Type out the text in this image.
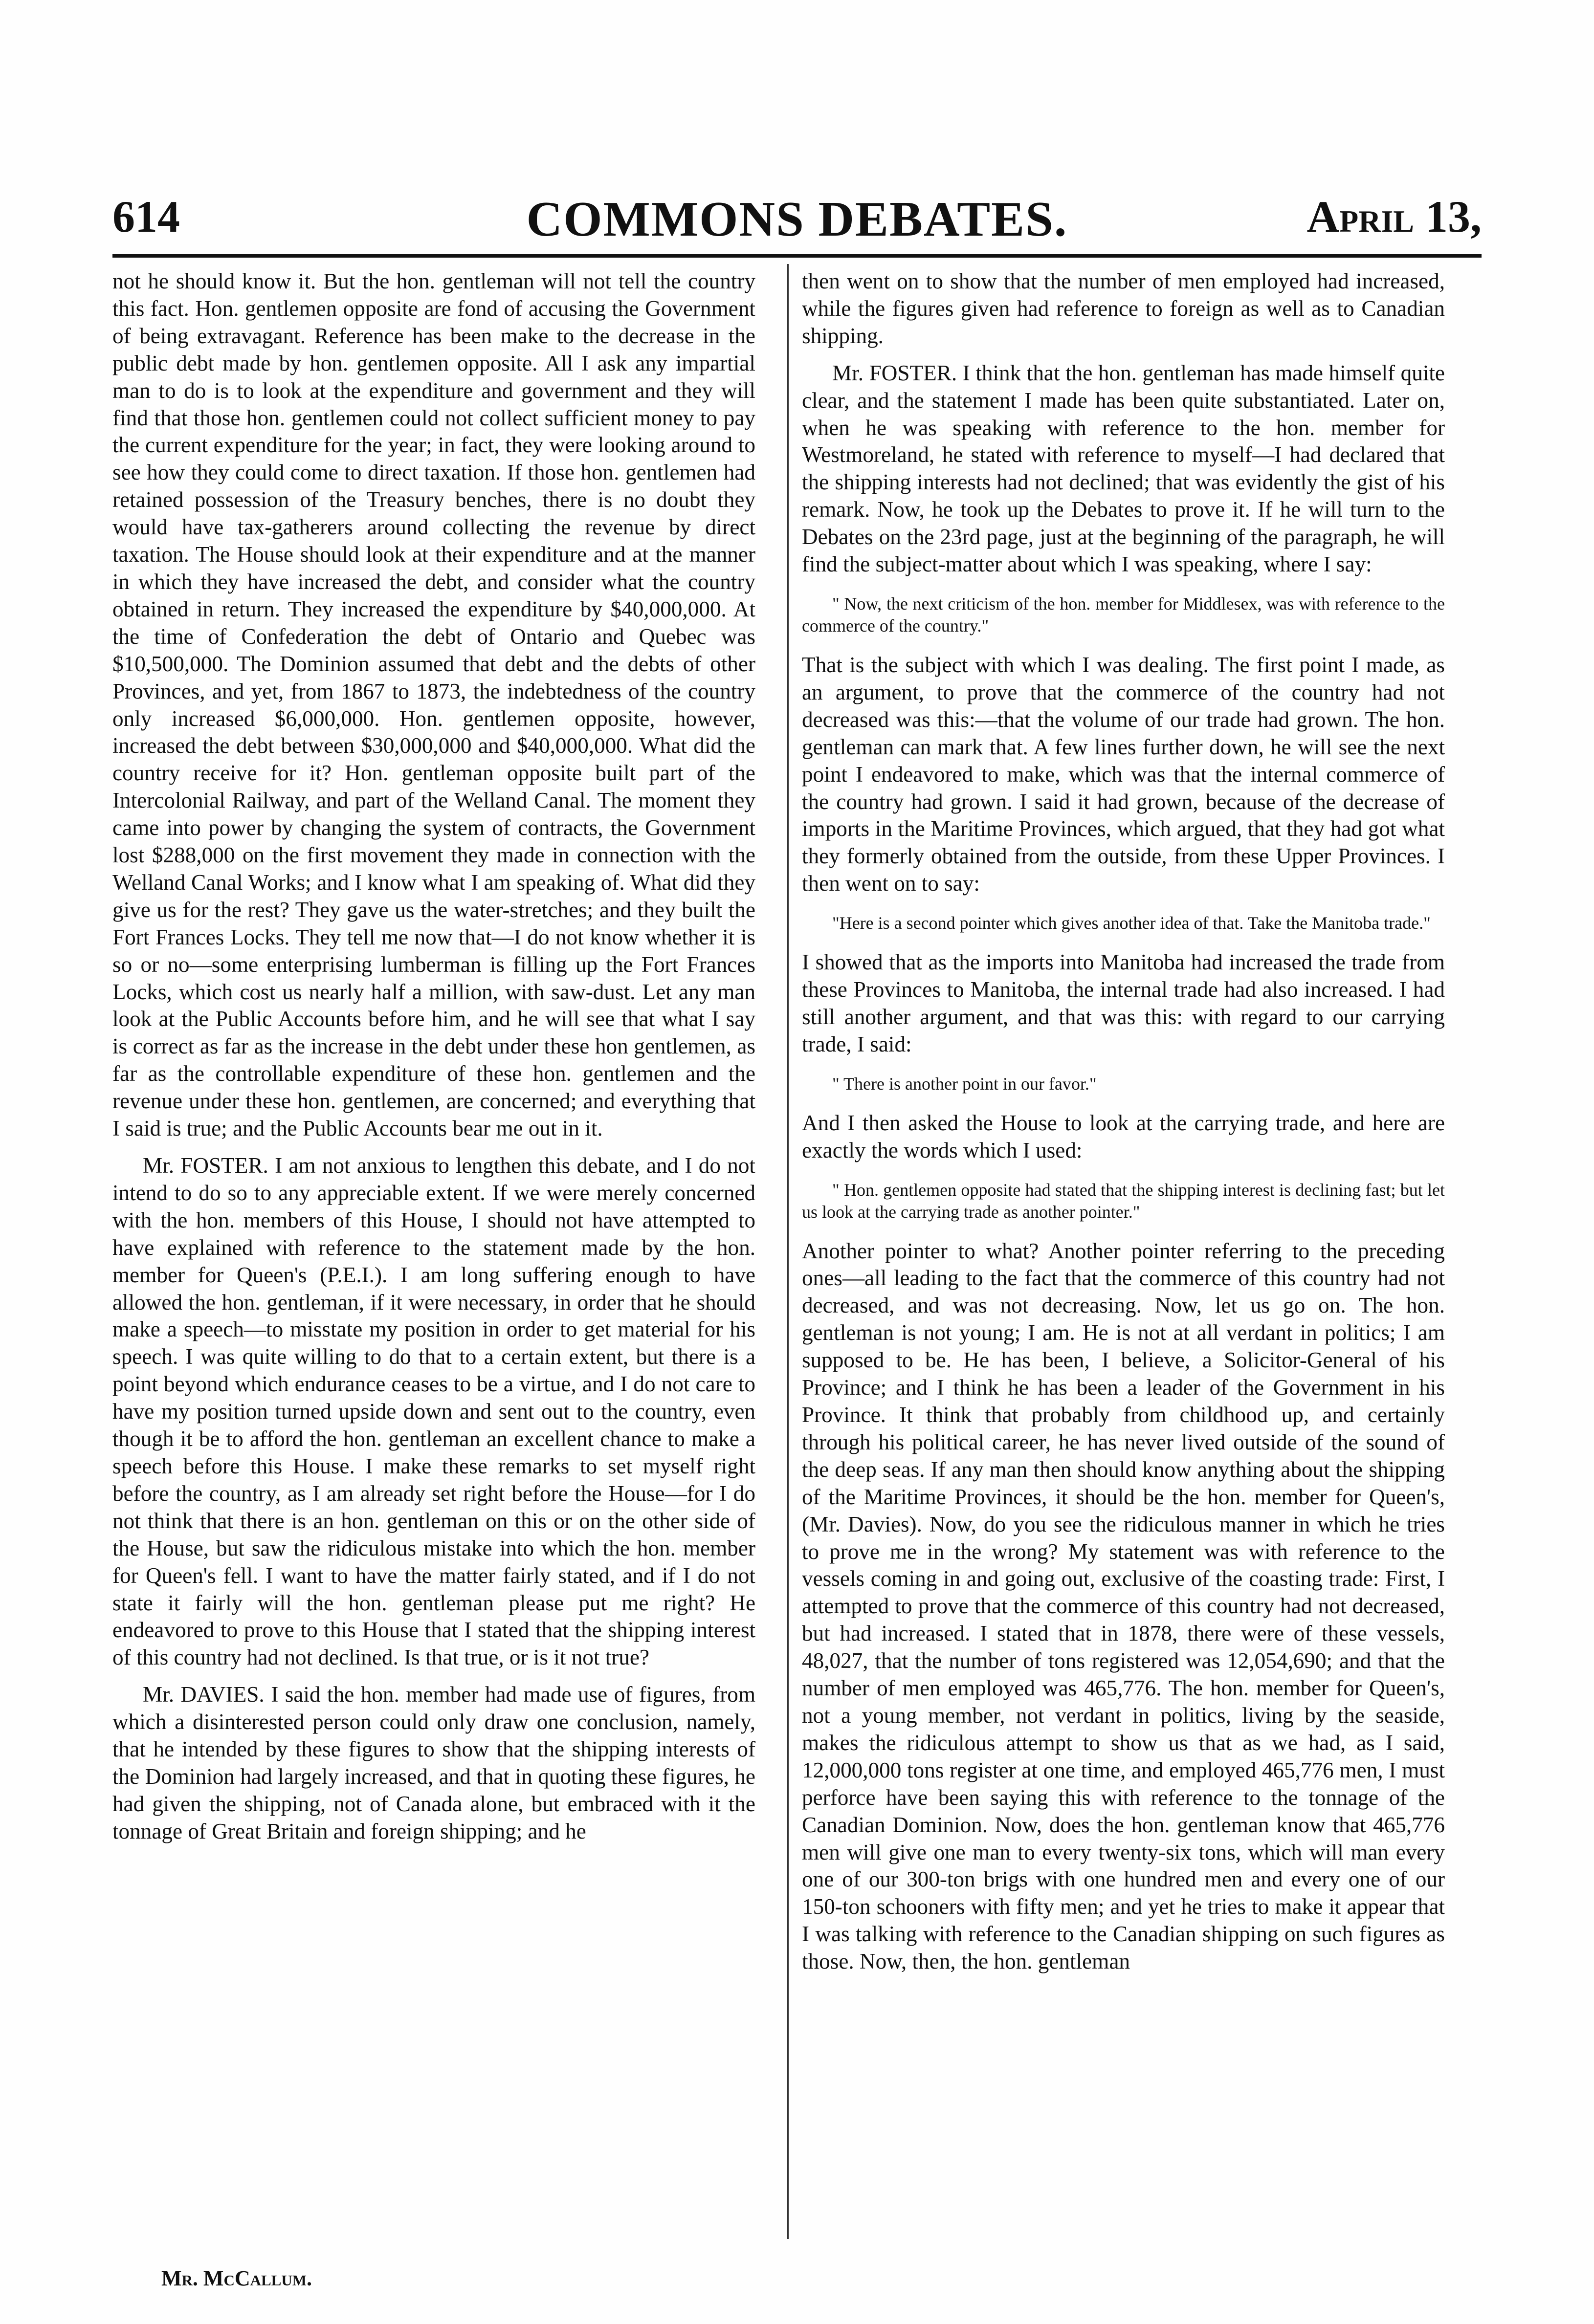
614	COMMONS DEBATES.	April 13,

not he should know it. But the hon. gentleman will not tell the country this fact. Hon. gentlemen opposite are fond of accusing the Government of being extravagant. Reference has been make to the decrease in the public debt made by hon. gentlemen opposite. All I ask any impartial man to do is to look at the expenditure and government and they will find that those hon. gentlemen could not collect sufficient money to pay the current expenditure for the year; in fact, they were looking around to see how they could come to direct taxation. If those hon. gentlemen had retained possession of the Treasury benches, there is no doubt they would have tax-gatherers around collecting the revenue by direct taxation. The House should look at their expenditure and at the manner in which they have increased the debt, and consider what the country obtained in return. They increased the expenditure by $40,000,000. At the time of Confederation the debt of Ontario and Quebec was $10,500,000. The Dominion assumed that debt and the debts of other Provinces, and yet, from 1867 to 1873, the indebtedness of the country only increased $6,000,000. Hon. gentlemen opposite, however, increased the debt between $30,000,000 and $40,000,000. What did the country receive for it? Hon. gentleman opposite built part of the Intercolonial Railway, and part of the Welland Canal. The moment they came into power by changing the system of contracts, the Government lost $288,000 on the first movement they made in connection with the Welland Canal Works; and I know what I am speaking of. What did they give us for the rest? They gave us the water-stretches; and they built the Fort Frances Locks. They tell me now that—I do not know whether it is so or no—some enterprising lumberman is filling up the Fort Frances Locks, which cost us nearly half a million, with saw-dust. Let any man look at the Public Accounts before him, and he will see that what I say is correct as far as the increase in the debt under these hon gentlemen, as far as the controllable expenditure of these hon. gentlemen and the revenue under these hon. gentlemen, are concerned; and everything that I said is true; and the Public Accounts bear me out in it.

Mr. FOSTER. I am not anxious to lengthen this debate, and I do not intend to do so to any appreciable extent. If we were merely concerned with the hon. members of this House, I should not have attempted to have explained with reference to the statement made by the hon. member for Queen's (P.E.I.). I am long suffering enough to have allowed the hon. gentleman, if it were necessary, in order that he should make a speech—to misstate my position in order to get material for his speech. I was quite willing to do that to a certain extent, but there is a point beyond which endurance ceases to be a virtue, and I do not care to have my position turned upside down and sent out to the country, even though it be to afford the hon. gentleman an excellent chance to make a speech before this House. I make these remarks to set myself right before the country, as I am already set right before the House—for I do not think that there is an hon. gentleman on this or on the other side of the House, but saw the ridiculous mistake into which the hon. member for Queen's fell. I want to have the matter fairly stated, and if I do not state it fairly will the hon. gentleman please put me right? He endeavored to prove to this House that I stated that the shipping interest of this country had not declined. Is that true, or is it not true?

Mr. DAVIES. I said the hon. member had made use of figures, from which a disinterested person could only draw one conclusion, namely, that he intended by these figures to show that the shipping interests of the Dominion had largely increased, and that in quoting these figures, he had given the shipping, not of Canada alone, but embraced with it the tonnage of Great Britain and foreign shipping; and he

then went on to show that the number of men employed had increased, while the figures given had reference to foreign as well as to Canadian shipping.

Mr. FOSTER. I think that the hon. gentleman has made himself quite clear, and the statement I made has been quite substantiated. Later on, when he was speaking with reference to the hon. member for Westmoreland, he stated with reference to myself—I had declared that the shipping interests had not declined; that was evidently the gist of his remark. Now, he took up the Debates to prove it. If he will turn to the Debates on the 23rd page, just at the beginning of the paragraph, he will find the subject-matter about which I was speaking, where I say:

" Now, the next criticism of the hon. member for Middlesex, was with reference to the commerce of the country."

That is the subject with which I was dealing. The first point I made, as an argument, to prove that the commerce of the country had not decreased was this:—that the volume of our trade had grown. The hon. gentleman can mark that. A few lines further down, he will see the next point I endeavored to make, which was that the internal commerce of the country had grown. I said it had grown, because of the decrease of imports in the Maritime Provinces, which argued, that they had got what they formerly obtained from the outside, from these Upper Provinces. I then went on to say:

"Here is a second pointer which gives another idea of that. Take the Manitoba trade."

I showed that as the imports into Manitoba had increased the trade from these Provinces to Manitoba, the internal trade had also increased. I had still another argument, and that was this: with regard to our carrying trade, I said:

" There is another point in our favor."

And I then asked the House to look at the carrying trade, and here are exactly the words which I used:

" Hon. gentlemen opposite had stated that the shipping interest is declining fast; but let us look at the carrying trade as another pointer."

Another pointer to what? Another pointer referring to the preceding ones—all leading to the fact that the commerce of this country had not decreased, and was not decreasing. Now, let us go on. The hon. gentleman is not young; I am. He is not at all verdant in politics; I am supposed to be. He has been, I believe, a Solicitor-General of his Province; and I think he has been a leader of the Government in his Province. It think that probably from childhood up, and certainly through his political career, he has never lived outside of the sound of the deep seas. If any man then should know anything about the shipping of the Maritime Provinces, it should be the hon. member for Queen's, (Mr. Davies). Now, do you see the ridiculous manner in which he tries to prove me in the wrong? My statement was with reference to the vessels coming in and going out, exclusive of the coasting trade: First, I attempted to prove that the commerce of this country had not decreased, but had increased. I stated that in 1878, there were of these vessels, 48,027, that the number of tons registered was 12,054,690; and that the number of men employed was 465,776. The hon. member for Queen's, not a young member, not verdant in politics, living by the seaside, makes the ridiculous attempt to show us that as we had, as I said, 12,000,000 tons register at one time, and employed 465,776 men, I must perforce have been saying this with reference to the tonnage of the Canadian Dominion. Now, does the hon. gentleman know that 465,776 men will give one man to every twenty-six tons, which will man every one of our 300-ton brigs with one hundred men and every one of our 150-ton schooners with fifty men; and yet he tries to make it appear that I was talking with reference to the Canadian shipping on such figures as those. Now, then, the hon. gentleman

Mr. McCallum.
